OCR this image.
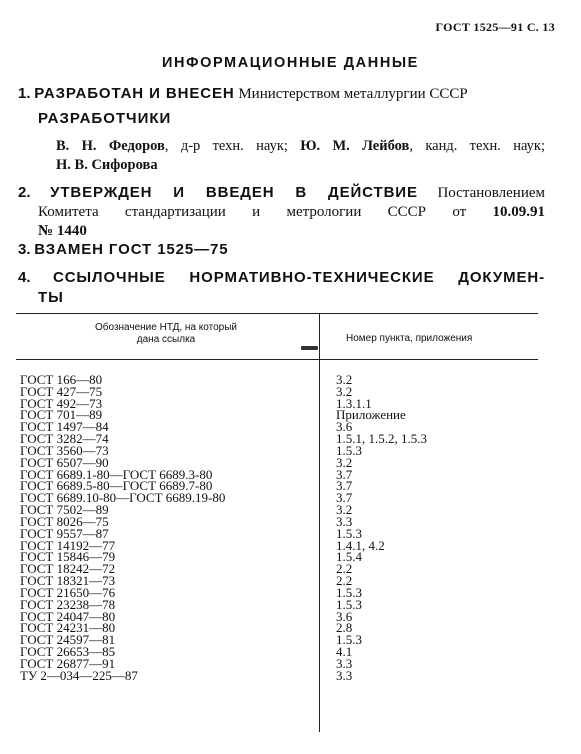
ГОСТ 1525—91 С. 13
ИНФОРМАЦИОННЫЕ ДАННЫЕ
1. РАЗРАБОТАН И ВНЕСЕН Министерством металлургии СССР
РАЗРАБОТЧИКИ
В. Н. Федоров, д-р техн. наук; Ю. М. Лейбов, канд. техн. наук;
Н. В. Сифорова
2. УТВЕРЖДЕН И ВВЕДЕН В ДЕЙСТВИЕ Постановлением
Комитета стандартизации и метрологии СССР от 10.09.91
№ 1440
3. ВЗАМЕН ГОСТ 1525—75
4. ССЫЛОЧНЫЕ НОРМАТИВНО-ТЕХНИЧЕСКИЕ ДОКУМЕН-
ТЫ
Обозначение НТД, на который
дана ссылка	Номер пункта, приложения
ГОСТ 166—80
ГОСТ 427—75
ГОСТ 492—73
ГОСТ 701—89
ГОСТ 1497—84
ГОСТ 3282—74
ГОСТ 3560—73
ГОСТ 6507—90
ГОСТ 6689.1-80—ГОСТ 6689.3-80
ГОСТ 6689.5-80—ГОСТ 6689.7-80
ГОСТ 6689.10-80—ГОСТ 6689.19-80
ГОСТ 7502—89
ГОСТ 8026—75
ГОСТ 9557—87
ГОСТ 14192—77
ГОСТ 15846—79
ГОСТ 18242—72
ГОСТ 18321—73
ГОСТ 21650—76
ГОСТ 23238—78
ГОСТ 24047—80
ГОСТ 24231—80
ГОСТ 24597—81
ГОСТ 26653—85
ГОСТ 26877—91
ТУ 2—034—225—87
3.2
3.2
1.3.1.1
Приложение
3.6
1.5.1, 1.5.2, 1.5.3
1.5.3
3.2
3.7
3.7
3.7
3.2
3.3
1.5.3
1.4.1, 4.2
1.5.4
2.2
2.2
1.5.3
1.5.3
3.6
2.8
1.5.3
4.1
3.3
3.3
